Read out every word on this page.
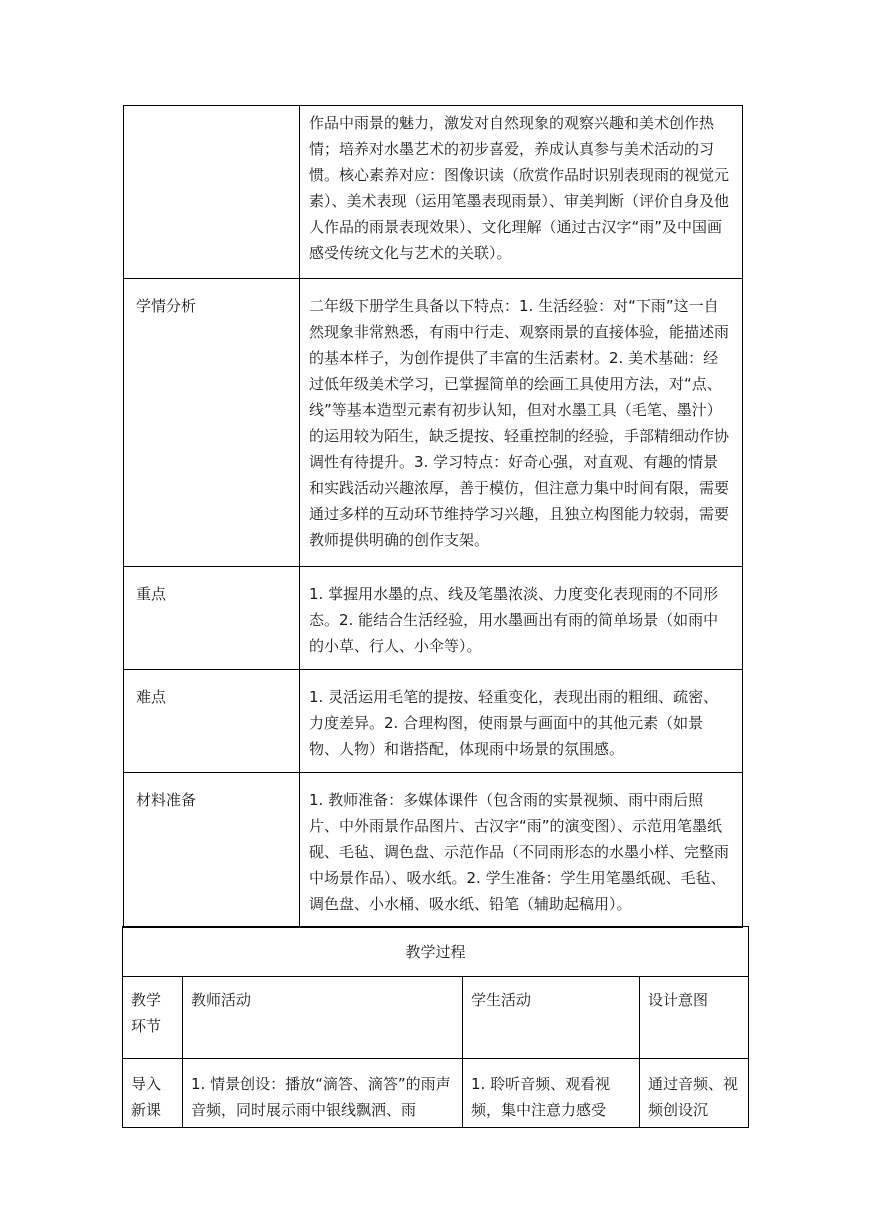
	作品中雨景的魅力，激发对自然现象的观察兴趣和美术创作热情；培养对水墨艺术的初步喜爱，养成认真参与美术活动的习惯。核心素养对应：图像识读（欣赏作品时识别表现雨的视觉元素）、美术表现（运用笔墨表现雨景）、审美判断（评价自身及他人作品的雨景表现效果）、文化理解（通过古汉字“雨”及中国画感受传统文化与艺术的关联）。
学情分析	二年级下册学生具备以下特点：1. 生活经验：对“下雨”这一自然现象非常熟悉，有雨中行走、观察雨景的直接体验，能描述雨的基本样子，为创作提供了丰富的生活素材。2. 美术基础：经过低年级美术学习，已掌握简单的绘画工具使用方法，对“点、线”等基本造型元素有初步认知，但对水墨工具（毛笔、墨汁）的运用较为陌生，缺乏提按、轻重控制的经验，手部精细动作协调性有待提升。3. 学习特点：好奇心强，对直观、有趣的情景和实践活动兴趣浓厚，善于模仿，但注意力集中时间有限，需要通过多样的互动环节维持学习兴趣，且独立构图能力较弱，需要教师提供明确的创作支架。
重点	1. 掌握用水墨的点、线及笔墨浓淡、力度变化表现雨的不同形态。2. 能结合生活经验，用水墨画出有雨的简单场景（如雨中的小草、行人、小伞等）。
难点	1. 灵活运用毛笔的提按、轻重变化，表现出雨的粗细、疏密、力度差异。2. 合理构图，使雨景与画面中的其他元素（如景物、人物）和谐搭配，体现雨中场景的氛围感。
材料准备	1. 教师准备：多媒体课件（包含雨的实景视频、雨中雨后照片、中外雨景作品图片、古汉字“雨”的演变图）、示范用笔墨纸砚、毛毡、调色盘、示范作品（不同雨形态的水墨小样、完整雨中场景作品）、吸水纸。2. 学生准备：学生用笔墨纸砚、毛毡、调色盘、小水桶、吸水纸、铅笔（辅助起稿用）。
教学过程			
教学环节	教师活动	学生活动	设计意图
导入新课	1. 情景创设：播放“滴答、滴答”的雨声音频，同时展示雨中银线飘洒、雨	1. 聆听音频、观看视频，集中注意力感受	通过音频、视频创设沉
